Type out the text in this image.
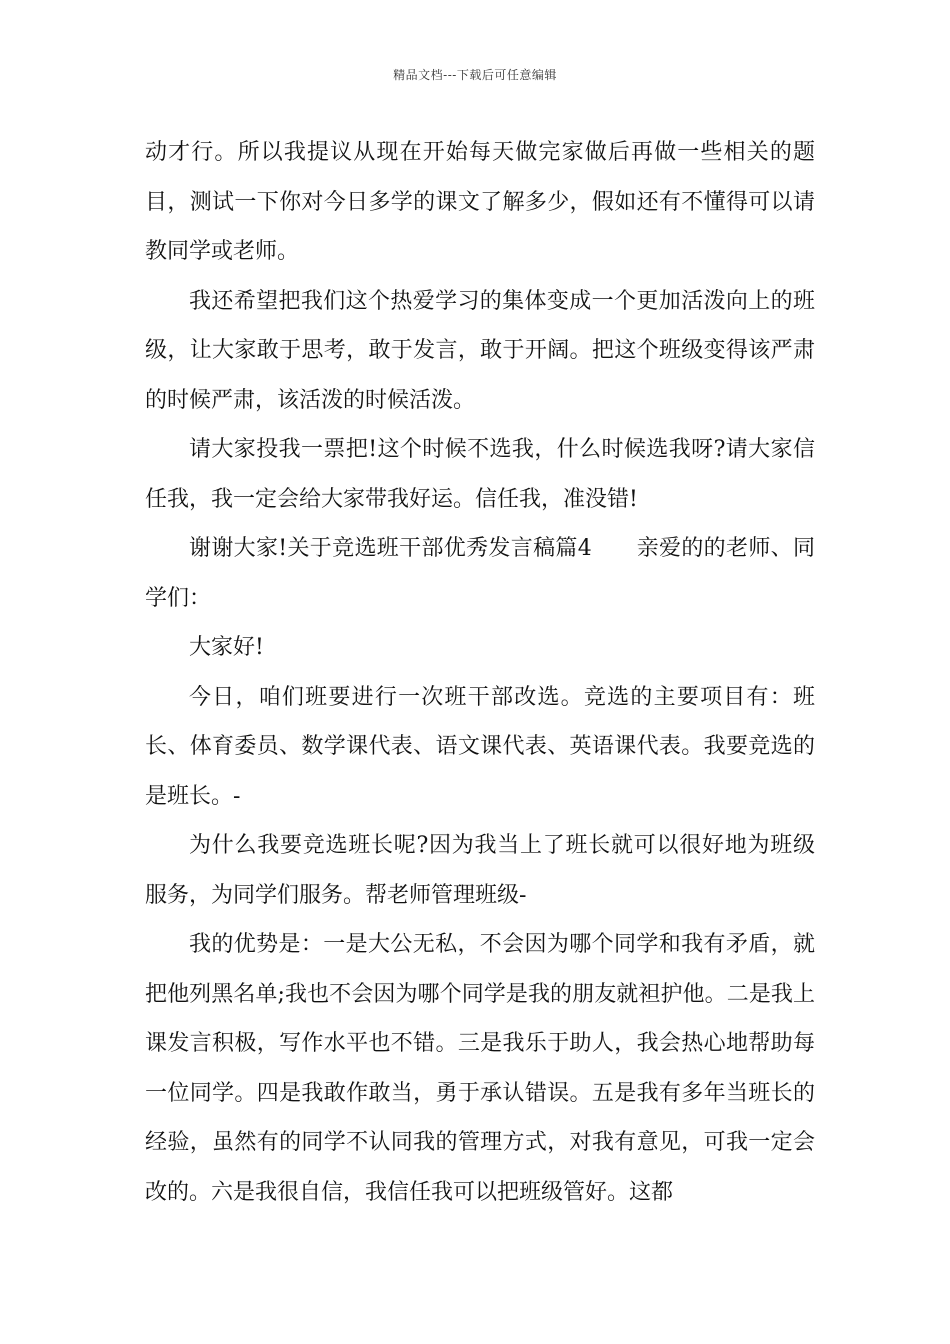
精品文档---下载后可任意编辑

动才行。所以我提议从现在开始每天做完家做后再做一些相关的题目，测试一下你对今日多学的课文了解多少，假如还有不懂得可以请教同学或老师。

我还希望把我们这个热爱学习的集体变成一个更加活泼向上的班级，让大家敢于思考，敢于发言，敢于开阔。把这个班级变得该严肃的时候严肃，该活泼的时候活泼。

请大家投我一票把!这个时候不选我，什么时候选我呀?请大家信任我，我一定会给大家带我好运。信任我，准没错!

谢谢大家!关于竞选班干部优秀发言稿篇4　　亲爱的的老师、同学们：

大家好!

今日，咱们班要进行一次班干部改选。竞选的主要项目有：班长、体育委员、数学课代表、语文课代表、英语课代表。我要竞选的是班长。-

为什么我要竞选班长呢?因为我当上了班长就可以很好地为班级服务，为同学们服务。帮老师管理班级-

我的优势是：一是大公无私，不会因为哪个同学和我有矛盾，就把他列黑名单;我也不会因为哪个同学是我的朋友就袒护他。二是我上课发言积极，写作水平也不错。三是我乐于助人，我会热心地帮助每一位同学。四是我敢作敢当，勇于承认错误。五是我有多年当班长的经验，虽然有的同学不认同我的管理方式，对我有意见，可我一定会改的。六是我很自信，我信任我可以把班级管好。这都
